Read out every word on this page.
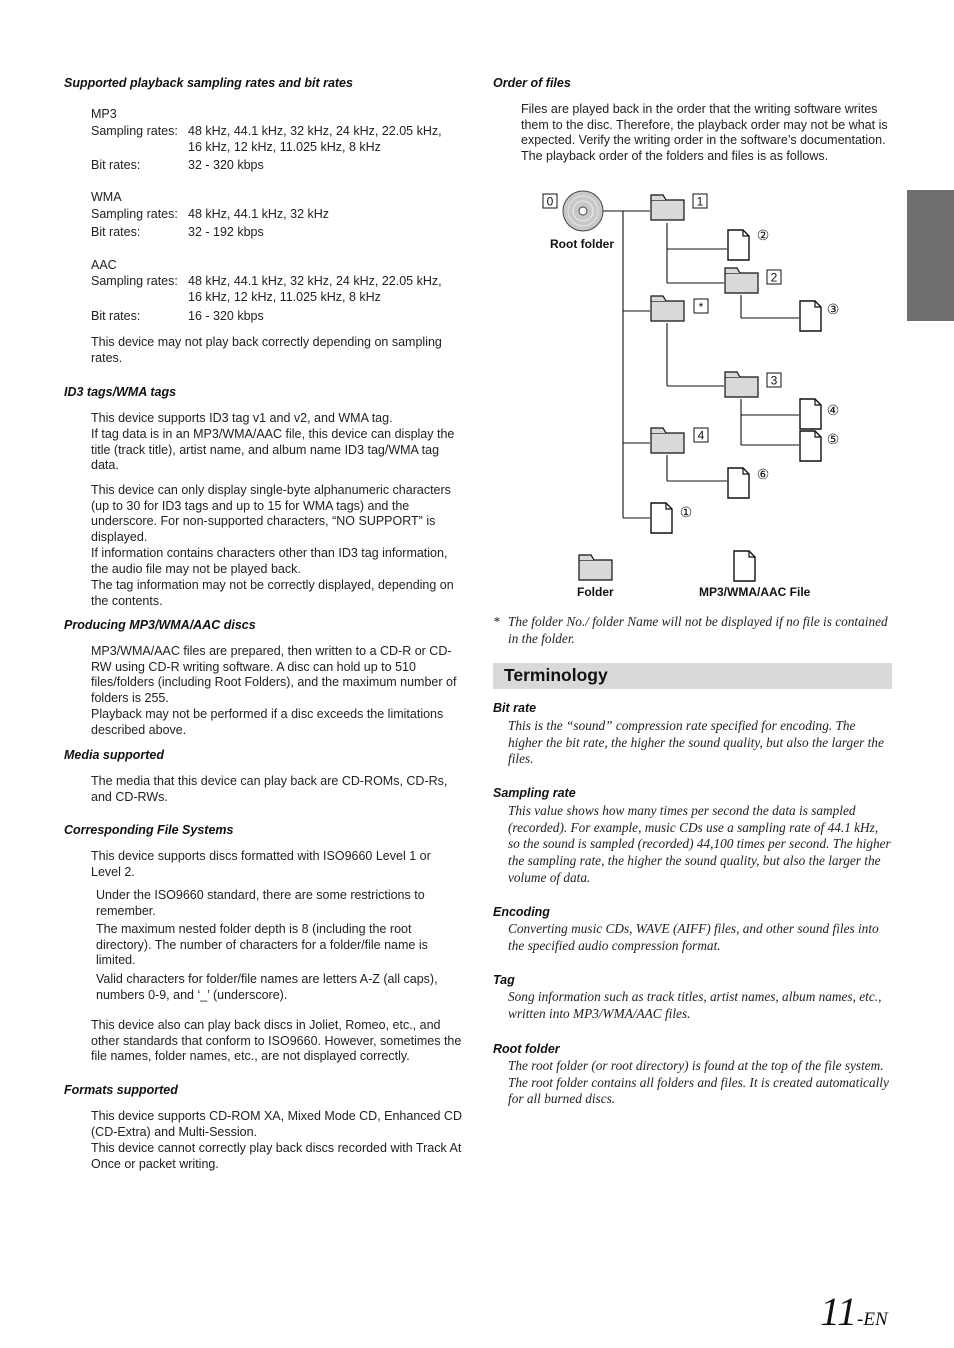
Supported playback sampling rates and bit rates
MP3
Sampling rates: 48 kHz, 44.1 kHz, 32 kHz, 24 kHz, 22.05 kHz,
16 kHz, 12 kHz, 11.025 kHz, 8 kHz
Bit rates:	32 - 320 kbps
WMA
Sampling rates: 48 kHz, 44.1 kHz, 32 kHz
Bit rates:	32 - 192 kbps
AAC
Sampling rates: 48 kHz, 44.1 kHz, 32 kHz, 24 kHz, 22.05 kHz,
16 kHz, 12 kHz, 11.025 kHz, 8 kHz
Bit rates:	16 - 320 kbps
This device may not play back correctly depending on sampling rates.
ID3 tags/WMA tags
This device supports ID3 tag v1 and v2, and WMA tag.
If tag data is in an MP3/WMA/AAC file, this device can display the title (track title), artist name, and album name ID3 tag/WMA tag data.
This device can only display single-byte alphanumeric characters (up to 30 for ID3 tags and up to 15 for WMA tags) and the underscore. For non-supported characters, “NO SUPPORT” is displayed.
If information contains characters other than ID3 tag information, the audio file may not be played back.
The tag information may not be correctly displayed, depending on the contents.
Producing MP3/WMA/AAC discs
MP3/WMA/AAC files are prepared, then written to a CD-R or CD-RW using CD-R writing software. A disc can hold up to 510 files/folders (including Root Folders), and the maximum number of folders is 255.
Playback may not be performed if a disc exceeds the limitations described above.
Media supported
The media that this device can play back are CD-ROMs, CD-Rs, and CD-RWs.
Corresponding File Systems
This device supports discs formatted with ISO9660 Level 1 or Level 2.
Under the ISO9660 standard, there are some restrictions to remember.
The maximum nested folder depth is 8 (including the root directory). The number of characters for a folder/file name is limited.
Valid characters for folder/file names are letters A-Z (all caps), numbers 0-9, and ‘_’ (underscore).
This device also can play back discs in Joliet, Romeo, etc., and other standards that conform to ISO9660. However, sometimes the file names, folder names, etc., are not displayed correctly.
Formats supported
This device supports CD-ROM XA, Mixed Mode CD, Enhanced CD (CD-Extra) and Multi-Session.
This device cannot correctly play back discs recorded with Track At Once or packet writing.
Order of files
Files are played back in the order that the writing software writes them to the disc. Therefore, the playback order may not be what is expected. Verify the writing order in the software’s documentation. The playback order of the folders and files is as follows.
Root folder
0	1
2
*
3
4
②
③
④
⑤
⑥
①
Folder	MP3/WMA/AAC File
* The folder No./ folder Name will not be displayed if no file is contained in the folder.
Terminology
Bit rate
This is the “sound” compression rate specified for encoding. The higher the bit rate, the higher the sound quality, but also the larger the files.
Sampling rate
This value shows how many times per second the data is sampled (recorded). For example, music CDs use a sampling rate of 44.1 kHz, so the sound is sampled (recorded) 44,100 times per second. The higher the sampling rate, the higher the sound quality, but also the larger the volume of data.
Encoding
Converting music CDs, WAVE (AIFF) files, and other sound files into the specified audio compression format.
Tag
Song information such as track titles, artist names, album names, etc., written into MP3/WMA/AAC files.
Root folder
The root folder (or root directory) is found at the top of the file system. The root folder contains all folders and files. It is created automatically for all burned discs.
11-EN
